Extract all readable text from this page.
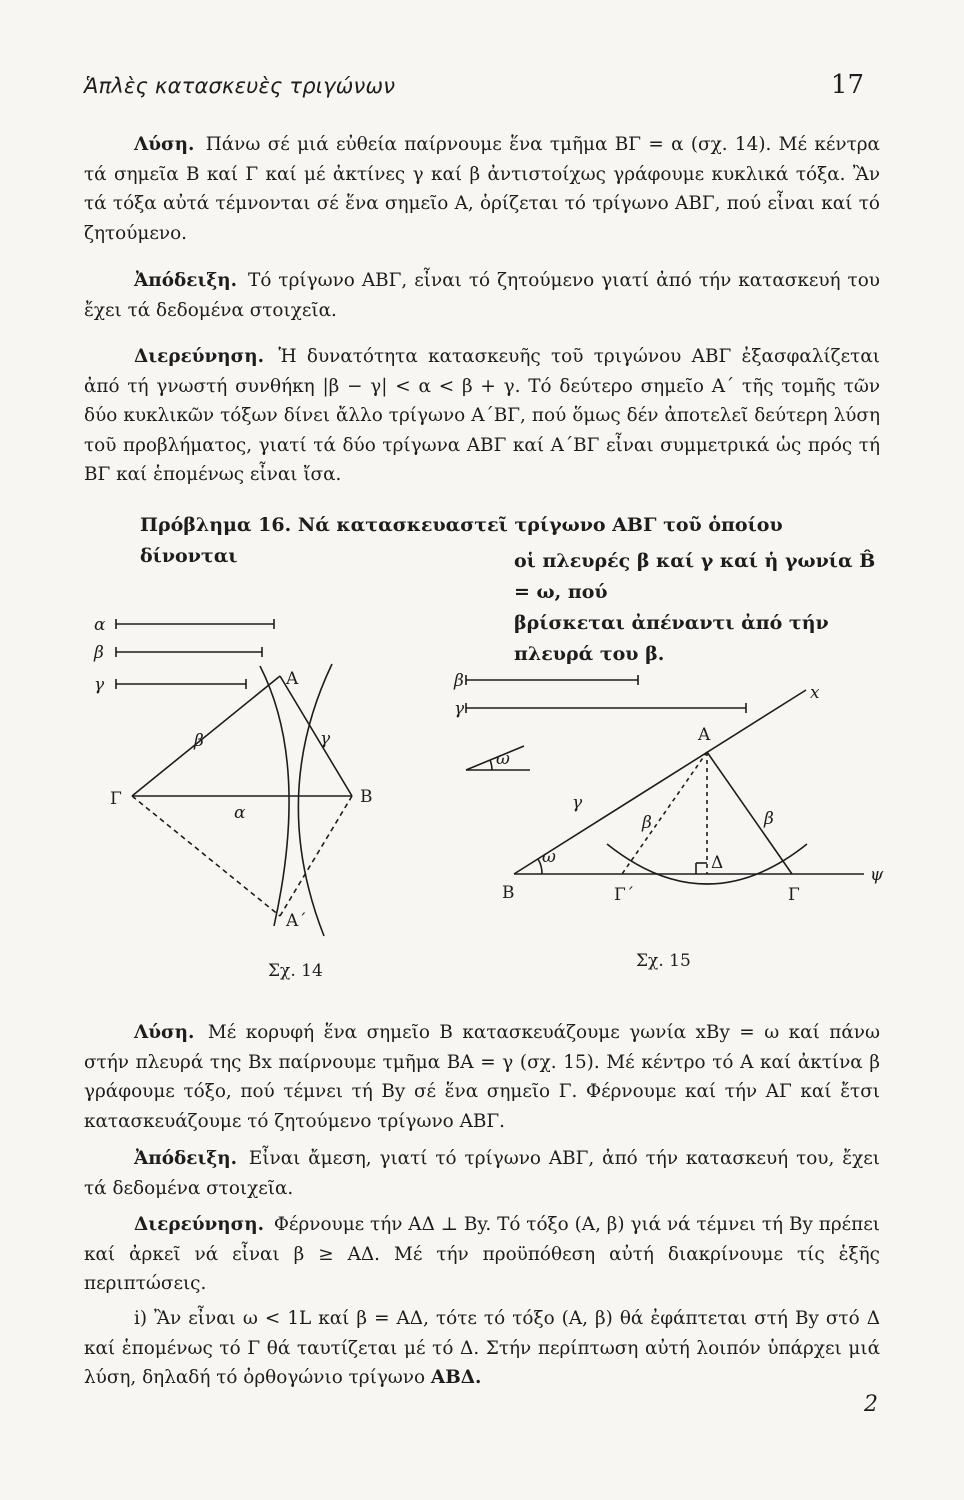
Ἁπλὲς κατασκευὲς τριγώνων	17
Λύση. Πάνω σέ μιά εὐθεία παίρνουμε ἕνα τμῆμα ΒΓ = α (σχ. 14). Μέ κέντρα τά σημεῖα Β καί Γ καί μέ ἀκτίνες γ καί β ἀντιστοίχως γράφουμε κυκλικά τόξα. Ἂν τά τόξα αὐτά τέμνονται σέ ἕνα σημεῖο Α, ὁρίζεται τό τρίγωνο ΑΒΓ, πού εἶναι καί τό ζητούμενο.
Ἀπόδειξη. Τό τρίγωνο ΑΒΓ, εἶναι τό ζητούμενο γιατί ἀπό τήν κατασκευή του ἔχει τά δεδομένα στοιχεῖα.
Διερεύνηση. Ἡ δυνατότητα κατασκευῆς τοῦ τριγώνου ΑΒΓ ἐξασφαλίζεται ἀπό τή γνωστή συνθήκη |β − γ| < α < β + γ. Τό δεύτερο σημεῖο Α΄ τῆς τομῆς τῶν δύο κυκλικῶν τόξων δίνει ἄλλο τρίγωνο Α΄ΒΓ, πού ὅμως δέν ἀποτελεῖ δεύτερη λύση τοῦ προβλήματος, γιατί τά δύο τρίγωνα ΑΒΓ καί Α΄ΒΓ εἶναι συμμετρικά ὡς πρός τή ΒΓ καί ἑπομένως εἶναι ἴσα.
Πρόβλημα 16. Νά κατασκευαστεῖ τρίγωνο ΑΒΓ τοῦ ὁποίου δίνονται	οἱ πλευρές β καί γ καί ἡ γωνία B̂ = ω, πού
βρίσκεται ἀπέναντι ἀπό τήν πλευρά του β.
α
β
γ	Α
Β
Γ
Α΄
β	γ
α
Σχ. 14
β
γ
ω
x
Α
ω
Β	Γ΄
Δ
Γ
ψ
γ
β	β
Σχ. 15
Λύση. Μέ κορυφή ἕνα σημεῖο Β κατασκευάζουμε γωνία xBy = ω καί πάνω στήν πλευρά της Bx παίρνουμε τμῆμα ΒΑ = γ (σχ. 15). Μέ κέντρο τό Α καί ἀκτίνα β γράφουμε τόξο, πού τέμνει τή By σέ ἕνα σημεῖο Γ. Φέρνουμε καί τήν ΑΓ καί ἔτσι κατασκευάζουμε τό ζητούμενο τρίγωνο ΑΒΓ.
Ἀπόδειξη. Εἶναι ἄμεση, γιατί τό τρίγωνο ΑΒΓ, ἀπό τήν κατασκευή του, ἔχει τά δεδομένα στοιχεῖα.
Διερεύνηση. Φέρνουμε τήν ΑΔ ⊥ By. Τό τόξο (Α, β) γιά νά τέμνει τή By πρέπει καί ἀρκεῖ νά εἶναι β ≥ ΑΔ. Μέ τήν προϋπόθεση αὐτή διακρίνουμε τίς ἑξῆς περιπτώσεις.
i) Ἂν εἶναι ω < 1L καί β = ΑΔ, τότε τό τόξο (Α, β) θά ἐφάπτεται στή By στό Δ καί ἑπομένως τό Γ θά ταυτίζεται μέ τό Δ. Στήν περίπτωση αὐτή λοιπόν ὑπάρχει μιά λύση, δηλαδή τό ὀρθογώνιο τρίγωνο ΑΒΔ.
2
